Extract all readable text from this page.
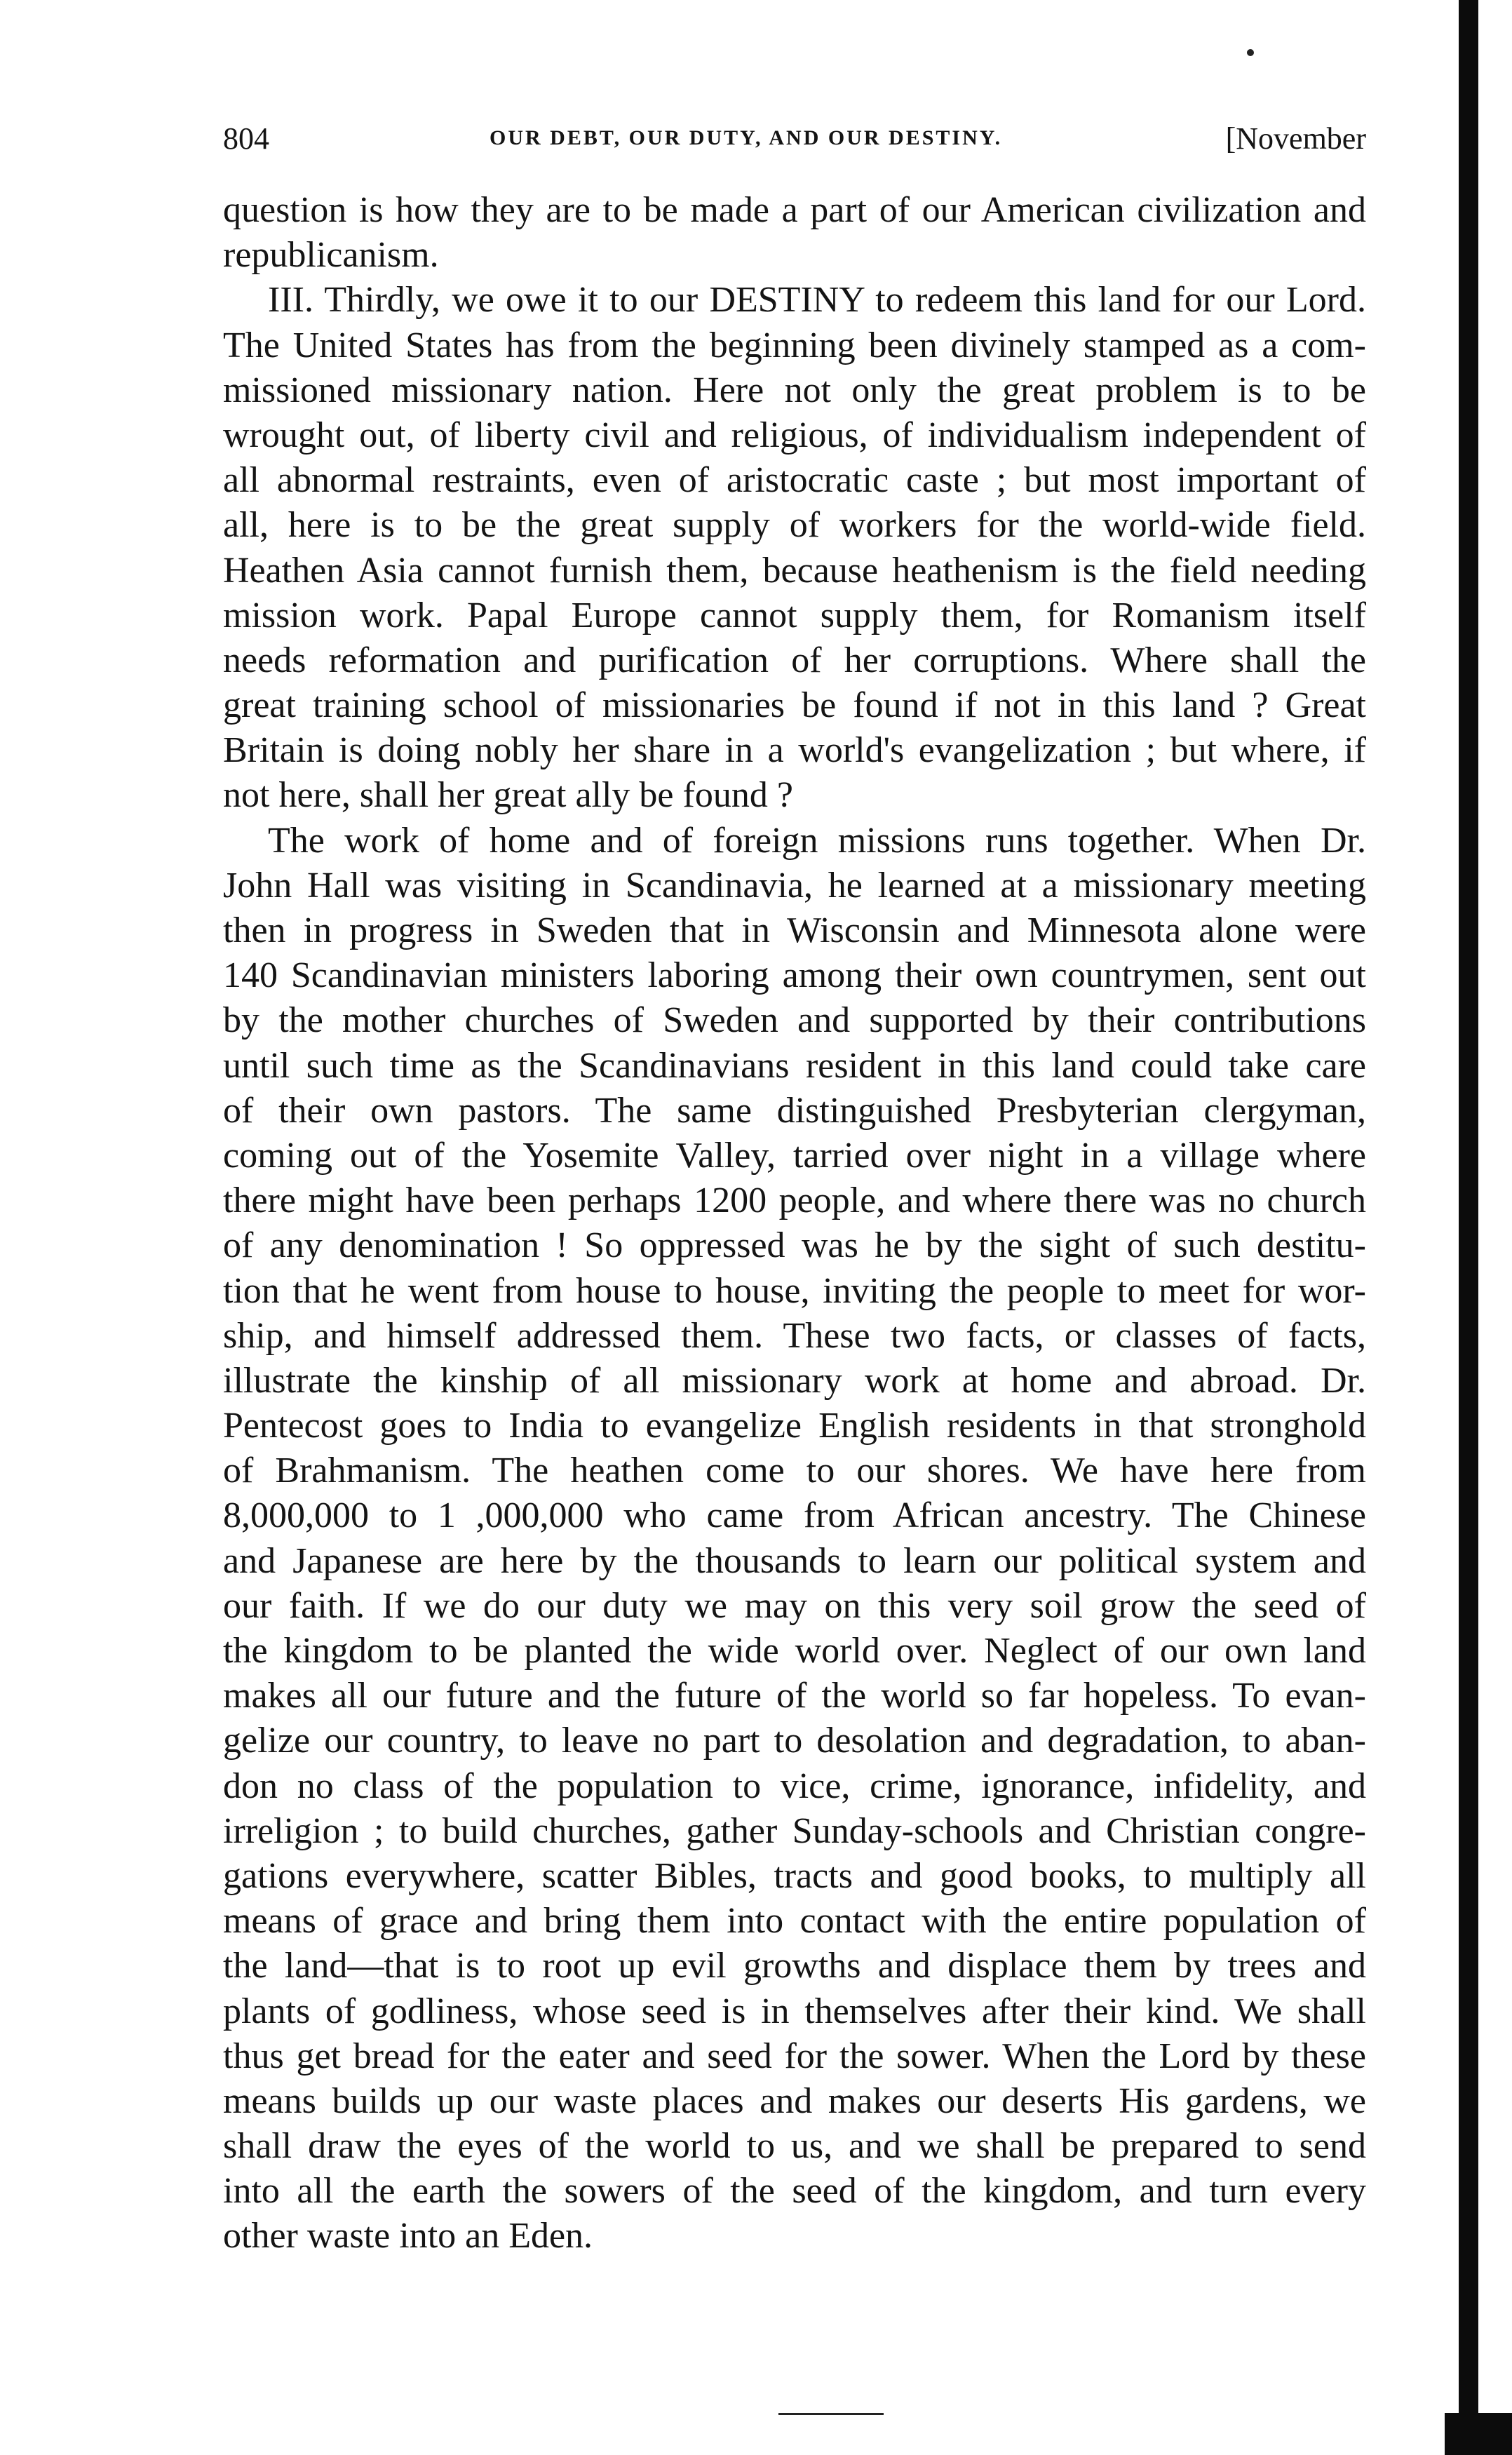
804	OUR DEBT, OUR DUTY, AND OUR DESTINY.	[November
question is how they are to be made a part of our American civilization and
republicanism.
III. Thirdly, we owe it to our DESTINY to redeem this land for our Lord.
The United States has from the beginning been divinely stamped as a com-
missioned missionary nation. Here not only the great problem is to be
wrought out, of liberty civil and religious, of individualism independent of
all abnormal restraints, even of aristocratic caste ; but most important of
all, here is to be the great supply of workers for the world-wide field.
Heathen Asia cannot furnish them, because heathenism is the field needing
mission work. Papal Europe cannot supply them, for Romanism itself
needs reformation and purification of her corruptions. Where shall the
great training school of missionaries be found if not in this land ? Great
Britain is doing nobly her share in a world's evangelization ; but where, if
not here, shall her great ally be found ?
The work of home and of foreign missions runs together. When Dr.
John Hall was visiting in Scandinavia, he learned at a missionary meeting
then in progress in Sweden that in Wisconsin and Minnesota alone were
140 Scandinavian ministers laboring among their own countrymen, sent out
by the mother churches of Sweden and supported by their contributions
until such time as the Scandinavians resident in this land could take care
of their own pastors. The same distinguished Presbyterian clergyman,
coming out of the Yosemite Valley, tarried over night in a village where
there might have been perhaps 1200 people, and where there was no church
of any denomination ! So oppressed was he by the sight of such destitu-
tion that he went from house to house, inviting the people to meet for wor-
ship, and himself addressed them. These two facts, or classes of facts,
illustrate the kinship of all missionary work at home and abroad. Dr.
Pentecost goes to India to evangelize English residents in that stronghold
of Brahmanism. The heathen come to our shores. We have here from
8,000,000 to 1 ,000,000 who came from African ancestry. The Chinese
and Japanese are here by the thousands to learn our political system and
our faith. If we do our duty we may on this very soil grow the seed of
the kingdom to be planted the wide world over. Neglect of our own land
makes all our future and the future of the world so far hopeless. To evan-
gelize our country, to leave no part to desolation and degradation, to aban-
don no class of the population to vice, crime, ignorance, infidelity, and
irreligion ; to build churches, gather Sunday-schools and Christian congre-
gations everywhere, scatter Bibles, tracts and good books, to multiply all
means of grace and bring them into contact with the entire population of
the land—that is to root up evil growths and displace them by trees and
plants of godliness, whose seed is in themselves after their kind. We shall
thus get bread for the eater and seed for the sower. When the Lord by these
means builds up our waste places and makes our deserts His gardens, we
shall draw the eyes of the world to us, and we shall be prepared to send
into all the earth the sowers of the seed of the kingdom, and turn every
other waste into an Eden.
